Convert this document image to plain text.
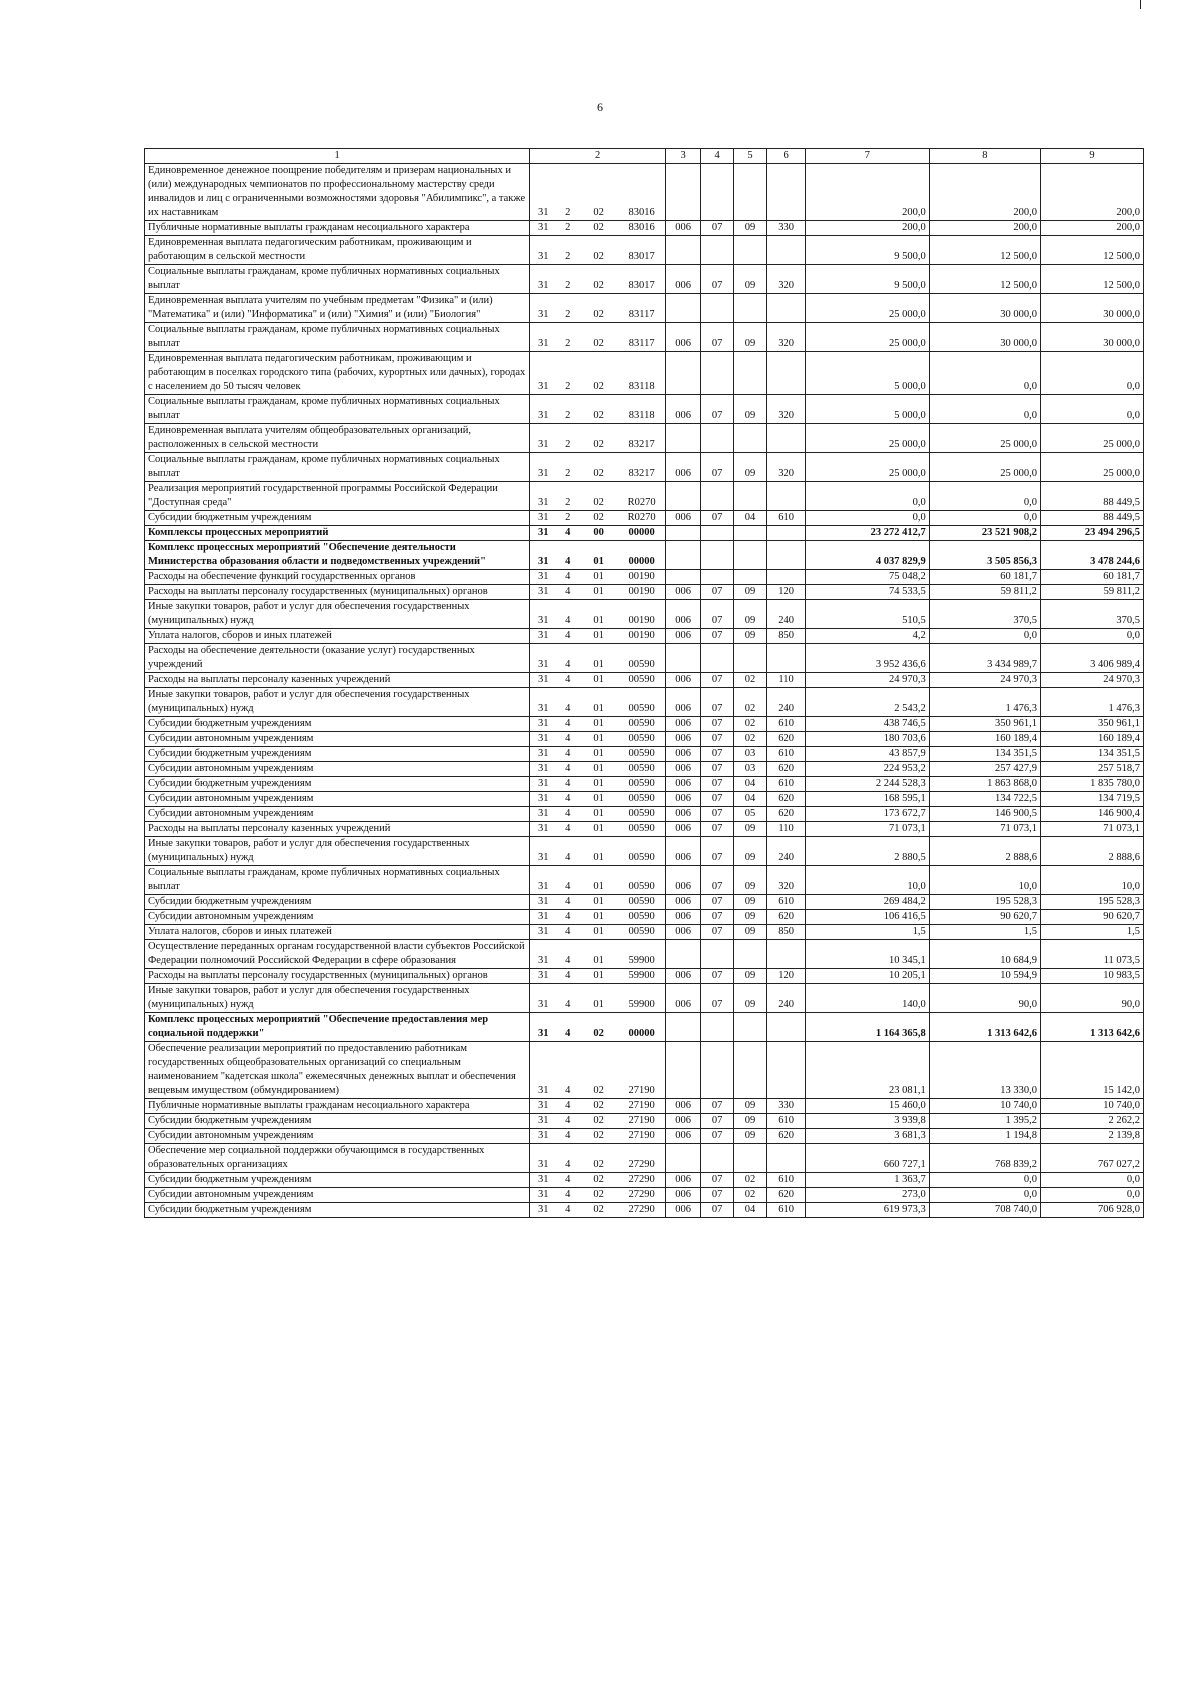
6
1	2				3	4	5	6	7	8	9
Единовременное денежное поощрение победителям и призерам национальных и (или) международных чемпионатов по профессиональному мастерству среди инвалидов и лиц с ограниченными возможностями здоровья "Абилимпикс", а также их наставникам	31	2	02	83016					200,0	200,0	200,0
Публичные нормативные выплаты гражданам несоциального характера	31	2	02	83016	006	07	09	330	200,0	200,0	200,0
Единовременная выплата педагогическим работникам, проживающим и работающим в сельской местности	31	2	02	83017					9 500,0	12 500,0	12 500,0
Социальные выплаты гражданам, кроме публичных нормативных социальных выплат	31	2	02	83017	006	07	09	320	9 500,0	12 500,0	12 500,0
Единовременная выплата учителям по учебным предметам "Физика" и (или) "Математика" и (или) "Информатика" и (или) "Химия" и (или) "Биология"	31	2	02	83117					25 000,0	30 000,0	30 000,0
Социальные выплаты гражданам, кроме публичных нормативных социальных выплат	31	2	02	83117	006	07	09	320	25 000,0	30 000,0	30 000,0
Единовременная выплата педагогическим работникам, проживающим и работающим в поселках городского типа (рабочих, курортных или дачных), городах с населением до 50 тысяч человек	31	2	02	83118					5 000,0	0,0	0,0
Социальные выплаты гражданам, кроме публичных нормативных социальных выплат	31	2	02	83118	006	07	09	320	5 000,0	0,0	0,0
Единовременная выплата учителям общеобразовательных организаций, расположенных в сельской местности	31	2	02	83217					25 000,0	25 000,0	25 000,0
Социальные выплаты гражданам, кроме публичных нормативных социальных выплат	31	2	02	83217	006	07	09	320	25 000,0	25 000,0	25 000,0
Реализация мероприятий государственной программы Российской Федерации "Доступная среда"	31	2	02	R0270					0,0	0,0	88 449,5
Субсидии бюджетным учреждениям	31	2	02	R0270	006	07	04	610	0,0	0,0	88 449,5
Комплексы процессных мероприятий	31	4	00	00000					23 272 412,7	23 521 908,2	23 494 296,5
Комплекс процессных мероприятий "Обеспечение деятельности Министерства образования области и подведомственных учреждений"	31	4	01	00000					4 037 829,9	3 505 856,3	3 478 244,6
Расходы на обеспечение функций государственных органов	31	4	01	00190					75 048,2	60 181,7	60 181,7
Расходы на выплаты персоналу государственных (муниципальных) органов	31	4	01	00190	006	07	09	120	74 533,5	59 811,2	59 811,2
Иные закупки товаров, работ и услуг для обеспечения государственных (муниципальных) нужд	31	4	01	00190	006	07	09	240	510,5	370,5	370,5
Уплата налогов, сборов и иных платежей	31	4	01	00190	006	07	09	850	4,2	0,0	0,0
Расходы на обеспечение деятельности (оказание услуг) государственных учреждений	31	4	01	00590					3 952 436,6	3 434 989,7	3 406 989,4
Расходы на выплаты персоналу казенных учреждений	31	4	01	00590	006	07	02	110	24 970,3	24 970,3	24 970,3
Иные закупки товаров, работ и услуг для обеспечения государственных (муниципальных) нужд	31	4	01	00590	006	07	02	240	2 543,2	1 476,3	1 476,3
Субсидии бюджетным учреждениям	31	4	01	00590	006	07	02	610	438 746,5	350 961,1	350 961,1
Субсидии автономным учреждениям	31	4	01	00590	006	07	02	620	180 703,6	160 189,4	160 189,4
Субсидии бюджетным учреждениям	31	4	01	00590	006	07	03	610	43 857,9	134 351,5	134 351,5
Субсидии автономным учреждениям	31	4	01	00590	006	07	03	620	224 953,2	257 427,9	257 518,7
Субсидии бюджетным учреждениям	31	4	01	00590	006	07	04	610	2 244 528,3	1 863 868,0	1 835 780,0
Субсидии автономным учреждениям	31	4	01	00590	006	07	04	620	168 595,1	134 722,5	134 719,5
Субсидии автономным учреждениям	31	4	01	00590	006	07	05	620	173 672,7	146 900,5	146 900,4
Расходы на выплаты персоналу казенных учреждений	31	4	01	00590	006	07	09	110	71 073,1	71 073,1	71 073,1
Иные закупки товаров, работ и услуг для обеспечения государственных (муниципальных) нужд	31	4	01	00590	006	07	09	240	2 880,5	2 888,6	2 888,6
Социальные выплаты гражданам, кроме публичных нормативных социальных выплат	31	4	01	00590	006	07	09	320	10,0	10,0	10,0
Субсидии бюджетным учреждениям	31	4	01	00590	006	07	09	610	269 484,2	195 528,3	195 528,3
Субсидии автономным учреждениям	31	4	01	00590	006	07	09	620	106 416,5	90 620,7	90 620,7
Уплата налогов, сборов и иных платежей	31	4	01	00590	006	07	09	850	1,5	1,5	1,5
Осуществление переданных органам государственной власти субъектов Российской Федерации полномочий Российской Федерации в сфере образования	31	4	01	59900					10 345,1	10 684,9	11 073,5
Расходы на выплаты персоналу государственных (муниципальных) органов	31	4	01	59900	006	07	09	120	10 205,1	10 594,9	10 983,5
Иные закупки товаров, работ и услуг для обеспечения государственных (муниципальных) нужд	31	4	01	59900	006	07	09	240	140,0	90,0	90,0
Комплекс процессных мероприятий "Обеспечение предоставления мер социальной поддержки"	31	4	02	00000					1 164 365,8	1 313 642,6	1 313 642,6
Обеспечение реализации мероприятий по предоставлению работникам государственных общеобразовательных организаций со специальным наименованием "кадетская школа" ежемесячных денежных выплат и обеспечения вещевым имуществом (обмундированием)	31	4	02	27190					23 081,1	13 330,0	15 142,0
Публичные нормативные выплаты гражданам несоциального характера	31	4	02	27190	006	07	09	330	15 460,0	10 740,0	10 740,0
Субсидии бюджетным учреждениям	31	4	02	27190	006	07	09	610	3 939,8	1 395,2	2 262,2
Субсидии автономным учреждениям	31	4	02	27190	006	07	09	620	3 681,3	1 194,8	2 139,8
Обеспечение мер социальной поддержки обучающимся в государственных образовательных организациях	31	4	02	27290					660 727,1	768 839,2	767 027,2
Субсидии бюджетным учреждениям	31	4	02	27290	006	07	02	610	1 363,7	0,0	0,0
Субсидии автономным учреждениям	31	4	02	27290	006	07	02	620	273,0	0,0	0,0
Субсидии бюджетным учреждениям	31	4	02	27290	006	07	04	610	619 973,3	708 740,0	706 928,0
